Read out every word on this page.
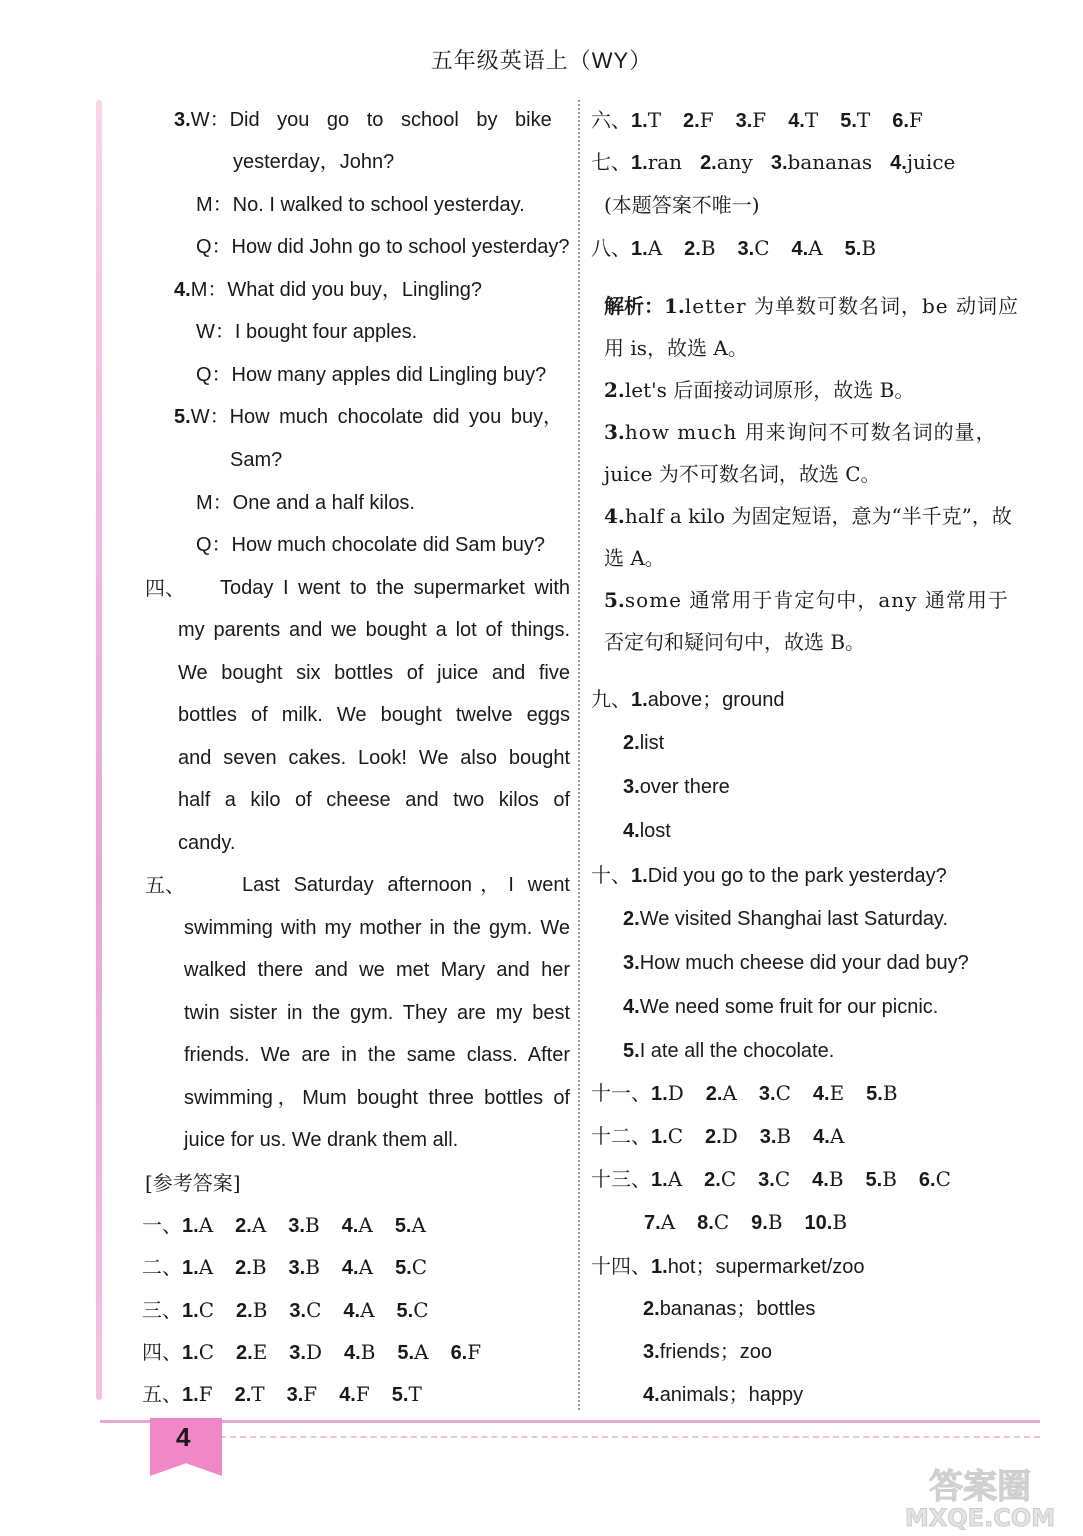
五年级英语上（WY）
3.W：Did you go to school by bike
yesterday，John?
M：No. I walked to school yesterday.
Q：How did John go to school yesterday?
4.M：What did you buy，Lingling?
W：I bought four apples.
Q：How many apples did Lingling buy?
5.W：How much chocolate did you buy，
Sam?
M：One and a half kilos.
Q：How much chocolate did Sam buy?
四、 Today I went to the supermarket with
my parents and we bought a lot of things.
We bought six bottles of juice and five
bottles of milk. We bought twelve eggs
and seven cakes. Look! We also bought
half a kilo of cheese and two kilos of
candy.
五、	Last Saturday afternoon，I went
swimming with my mother in the gym. We
walked there and we met Mary and her
twin sister in the gym. They are my best
friends. We are in the same class. After
swimming，Mum bought three bottles of
juice for us. We drank them all.
[参考答案]
一、1.A 2.A 3.B 4.A 5.A
二、1.A 2.B 3.B 4.A 5.C
三、1.C 2.B 3.C 4.A 5.C
四、1.C 2.E 3.D 4.B 5.A 6.F
五、1.F 2.T 3.F 4.F 5.T
(本题答案不唯一)
解析：1.letter 为单数可数名词，be 动词应
用 is，故选 A。
2.let's 后面接动词原形，故选 B。
3.how much 用来询问不可数名词的量，
juice 为不可数名词，故选 C。
4.half a kilo 为固定短语，意为“半千克”，故
选 A。
5.some 通常用于肯定句中，any 通常用于
否定句和疑问句中，故选 B。
六、1.T 2.F 3.F 4.T 5.T 6.F
七、1.ran 2.any 3.bananas 4.juice
八、1.A 2.B 3.C 4.A 5.B
十一、1.D 2.A 3.C 4.E 5.B
十二、1.C 2.D 3.B 4.A
十三、1.A 2.C 3.C 4.B 5.B 6.C
7.A 8.C 9.B 10.B
九、1.above；ground
2.list
3.over there
4.lost
十、1.Did you go to the park yesterday?
2.We visited Shanghai last Saturday.
3.How much cheese did your dad buy?
4.We need some fruit for our picnic.
5.I ate all the chocolate.
十四、1.hot；supermarket/zoo
2.bananas；bottles
3.friends；zoo
4.animals；happy
4
答案圈
MXQE.COM
